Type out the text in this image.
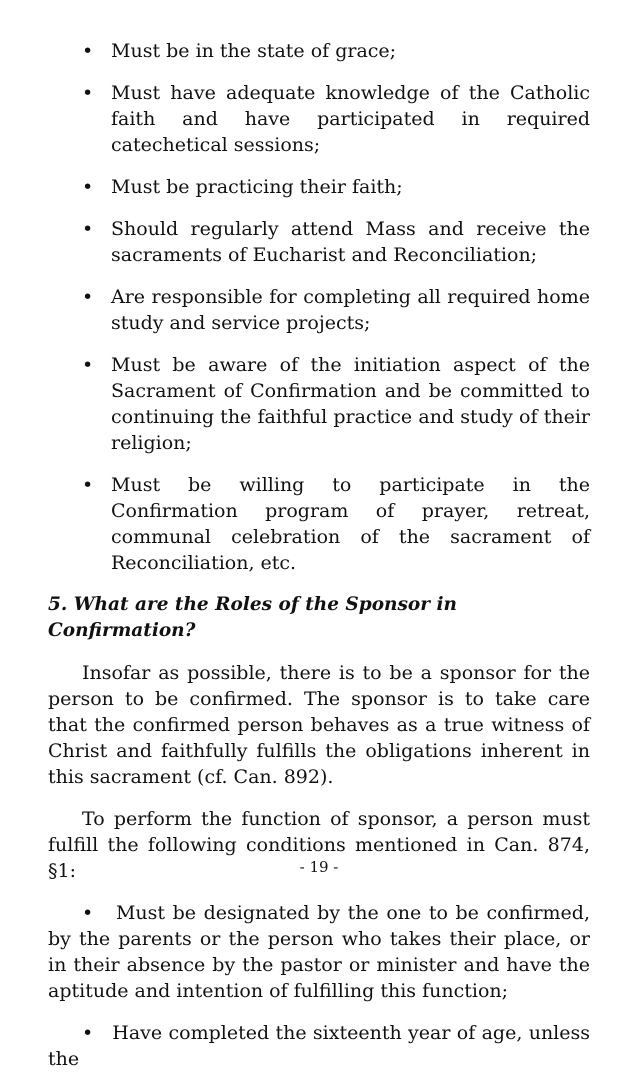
• Must be in the state of grace;
• Must have adequate knowledge of the Catholic faith and have participated in required catechetical sessions;
• Must be practicing their faith;
• Should regularly attend Mass and receive the sacraments of Eucharist and Reconciliation;
• Are responsible for completing all required home study and service projects;
• Must be aware of the initiation aspect of the Sacrament of Confirmation and be committed to continuing the faithful practice and study of their religion;
• Must be willing to participate in the Confirmation program of prayer, retreat, communal celebration of the sacrament of Reconciliation, etc.
5. What are the Roles of the Sponsor in Confirmation?

Insofar as possible, there is to be a sponsor for the person to be confirmed. The sponsor is to take care that the confirmed person behaves as a true witness of Christ and faithfully fulfills the obligations inherent in this sacrament (cf. Can. 892).

To perform the function of sponsor, a person must fulfill the following conditions mentioned in Can. 874, §1:

• Must be designated by the one to be confirmed, by the parents or the person who takes their place, or in their absence by the pastor or minister and have the aptitude and intention of fulfilling this function;

• Have completed the sixteenth year of age, unless the

- 19 -
